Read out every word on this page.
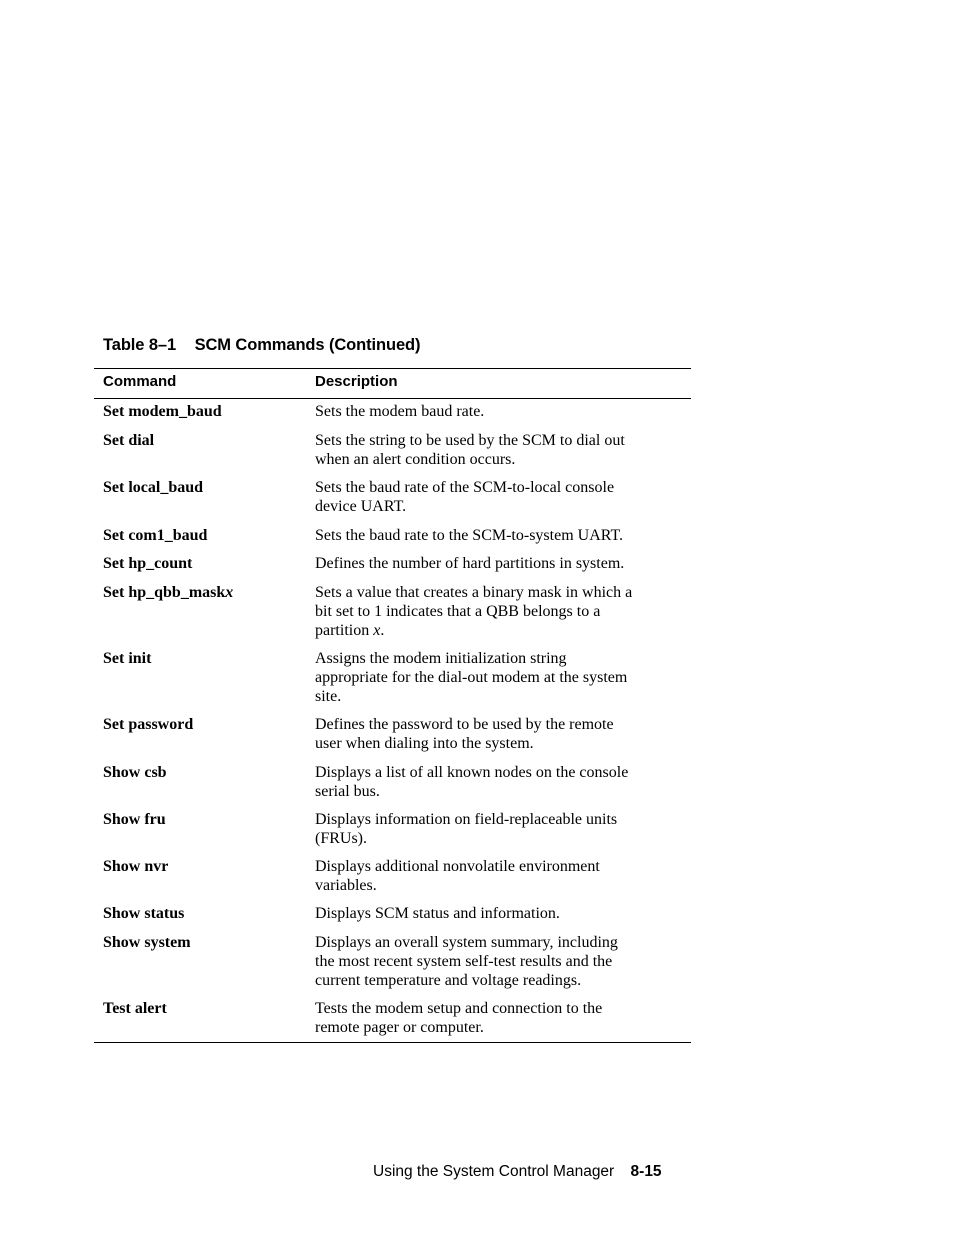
Table 8–1 SCM Commands (Continued)
Command	Description
Set modem_baud	Sets the modem baud rate.
Set dial	Sets the string to be used by the SCM to dial out
when an alert condition occurs.
Set local_baud	Sets the baud rate of the SCM-to-local console
device UART.
Set com1_baud	Sets the baud rate to the SCM-to-system UART.
Set hp_count	Defines the number of hard partitions in system.
Set hp_qbb_maskx	Sets a value that creates a binary mask in which a
bit set to 1 indicates that a QBB belongs to a
partition x.
Set init	Assigns the modem initialization string
appropriate for the dial-out modem at the system
site.
Set password	Defines the password to be used by the remote
user when dialing into the system.
Show csb	Displays a list of all known nodes on the console
serial bus.
Show fru	Displays information on field-replaceable units
(FRUs).
Show nvr	Displays additional nonvolatile environment
variables.
Show status	Displays SCM status and information.
Show system	Displays an overall system summary, including
the most recent system self-test results and the
current temperature and voltage readings.
Test alert	Tests the modem setup and connection to the
remote pager or computer.
Using the System Control Manager 8-15
